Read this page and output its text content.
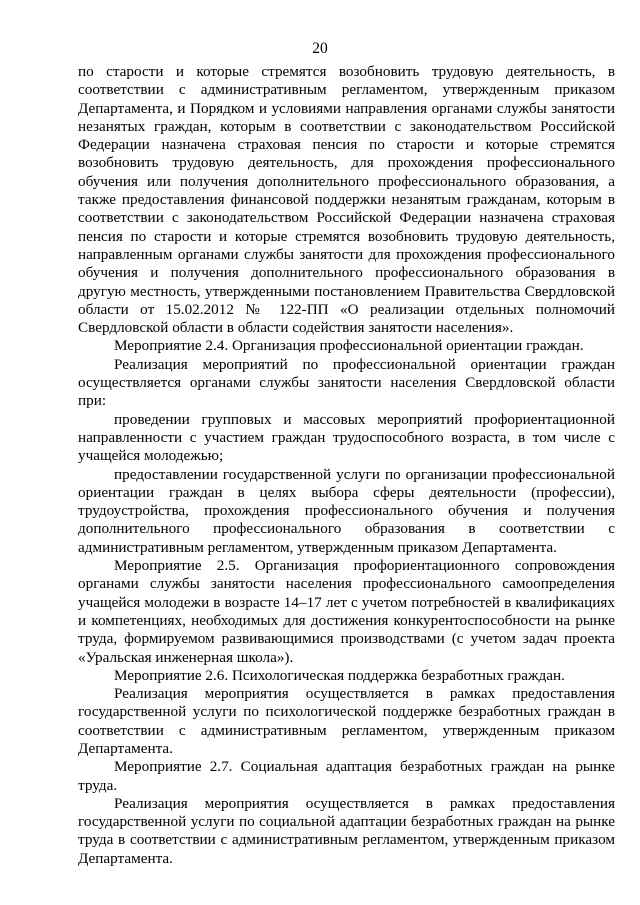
20

по старости и которые стремятся возобновить трудовую деятельность, в соответствии с административным регламентом, утвержденным приказом Департамента, и Порядком и условиями направления органами службы занятости незанятых граждан, которым в соответствии с законодательством Российской Федерации назначена страховая пенсия по старости и которые стремятся возобновить трудовую деятельность, для прохождения профессионального обучения или получения дополнительного профессионального образования, а также предоставления финансовой поддержки незанятым гражданам, которым в соответствии с законодательством Российской Федерации назначена страховая пенсия по старости и которые стремятся возобновить трудовую деятельность, направленным органами службы занятости для прохождения профессионального обучения и получения дополнительного профессионального образования в другую местность, утвержденными постановлением Правительства Свердловской области от 15.02.2012 № 122-ПП «О реализации отдельных полномочий Свердловской области в области содействия занятости населения».

Мероприятие 2.4. Организация профессиональной ориентации граждан.

Реализация мероприятий по профессиональной ориентации граждан осуществляется органами службы занятости населения Свердловской области при:

проведении групповых и массовых мероприятий профориентационной направленности с участием граждан трудоспособного возраста, в том числе с учащейся молодежью;

предоставлении государственной услуги по организации профессиональной ориентации граждан в целях выбора сферы деятельности (профессии), трудоустройства, прохождения профессионального обучения и получения дополнительного профессионального образования в соответствии с административным регламентом, утвержденным приказом Департамента.

Мероприятие 2.5. Организация профориентационного сопровождения органами службы занятости населения профессионального самоопределения учащейся молодежи в возрасте 14–17 лет с учетом потребностей в квалификациях и компетенциях, необходимых для достижения конкурентоспособности на рынке труда, формируемом развивающимися производствами (с учетом задач проекта «Уральская инженерная школа»).

Мероприятие 2.6. Психологическая поддержка безработных граждан.

Реализация мероприятия осуществляется в рамках предоставления государственной услуги по психологической поддержке безработных граждан в соответствии с административным регламентом, утвержденным приказом Департамента.

Мероприятие 2.7. Социальная адаптация безработных граждан на рынке труда.

Реализация мероприятия осуществляется в рамках предоставления государственной услуги по социальной адаптации безработных граждан на рынке труда в соответствии с административным регламентом, утвержденным приказом Департамента.
